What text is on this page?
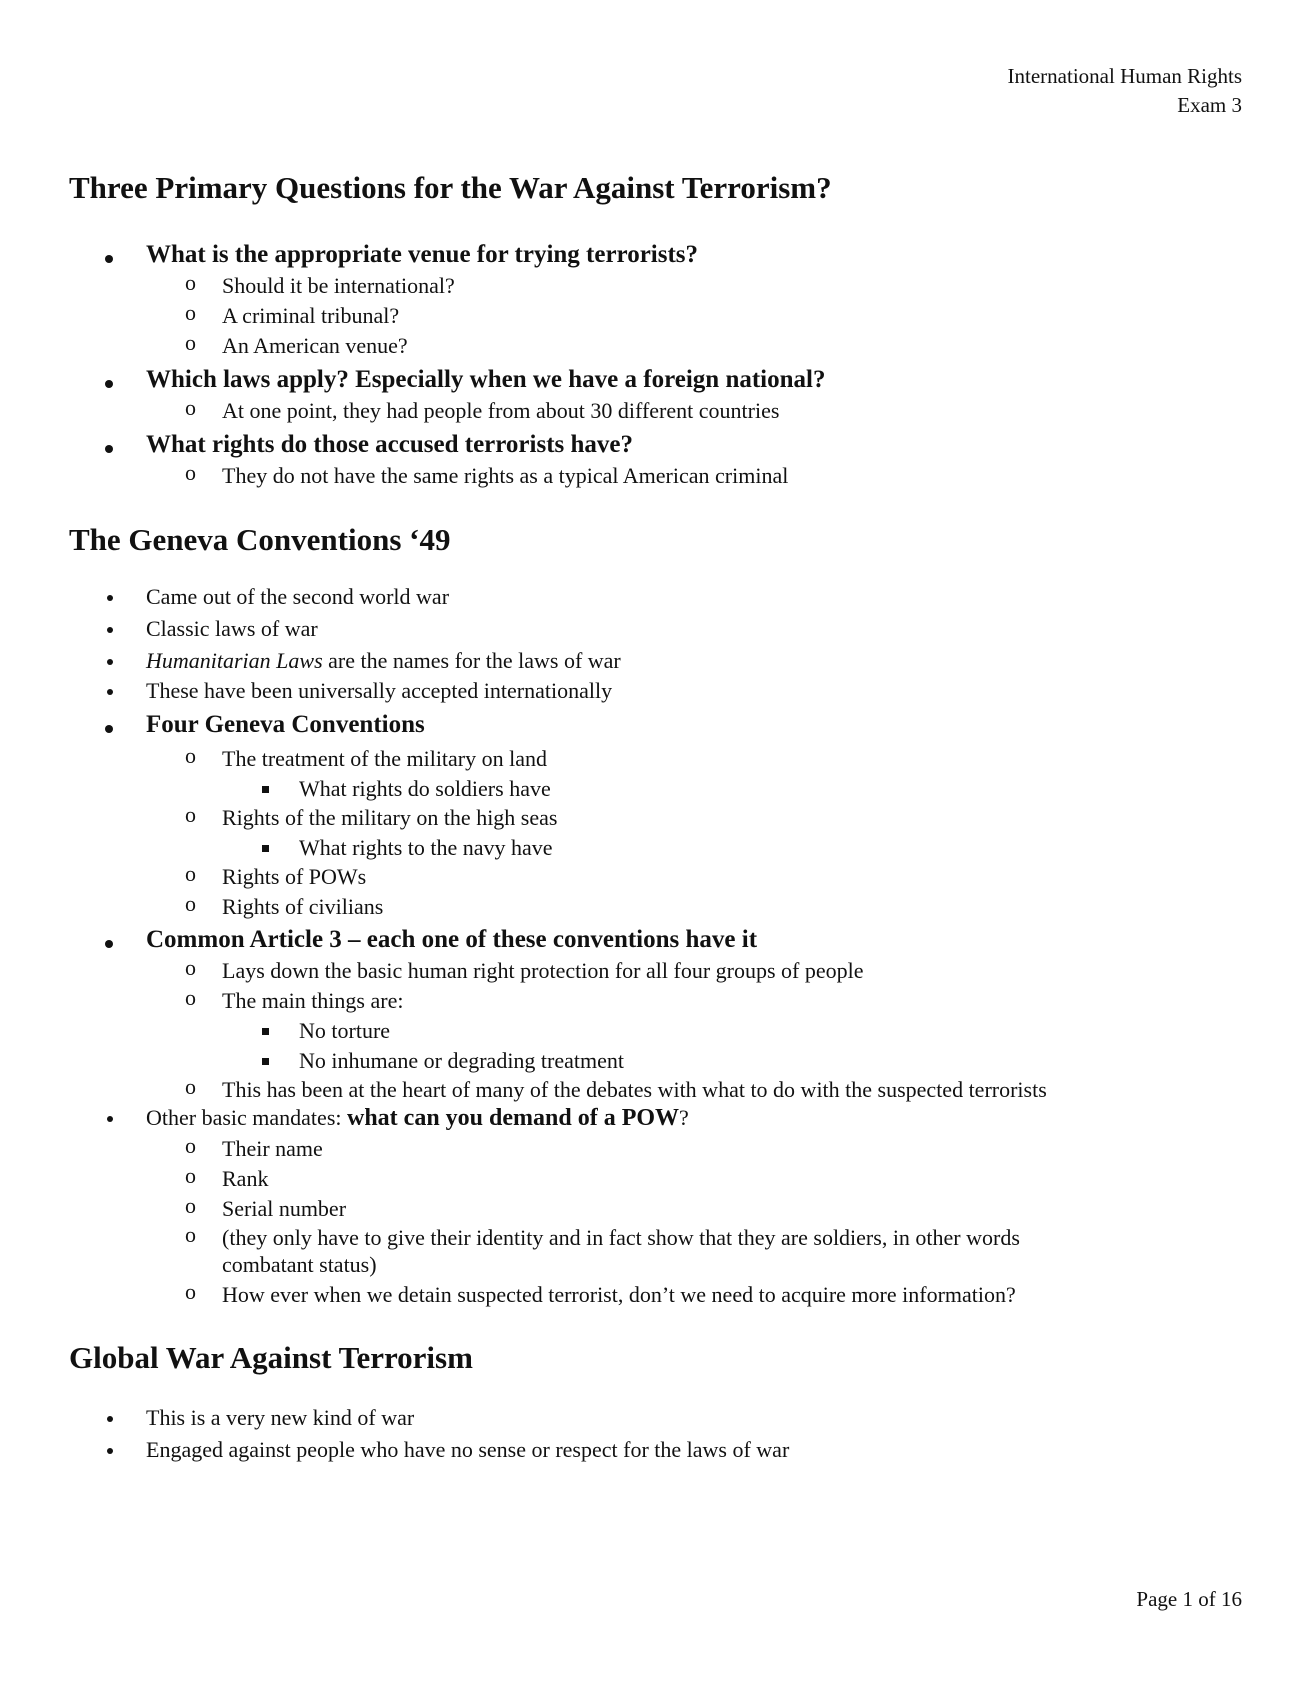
International Human Rights
Exam 3
Three Primary Questions for the War Against Terrorism?
What is the appropriate venue for trying terrorists?
o Should it be international?
o A criminal tribunal?
o An American venue?
Which laws apply? Especially when we have a foreign national?
o At one point, they had people from about 30 different countries
What rights do those accused terrorists have?
o They do not have the same rights as a typical American criminal
The Geneva Conventions ‘49
Came out of the second world war
Classic laws of war
Humanitarian Laws are the names for the laws of war
These have been universally accepted internationally
Four Geneva Conventions
o The treatment of the military on land
What rights do soldiers have
o Rights of the military on the high seas
What rights to the navy have
o Rights of POWs
o Rights of civilians
Common Article 3 – each one of these conventions have it
o Lays down the basic human right protection for all four groups of people
o The main things are:
No torture
No inhumane or degrading treatment
o This has been at the heart of many of the debates with what to do with the suspected terrorists
Other basic mandates: what can you demand of a POW?
o Their name
o Rank
o Serial number
o (they only have to give their identity and in fact show that they are soldiers, in other words
combatant status)
o How ever when we detain suspected terrorist, don’t we need to acquire more information?
Global War Against Terrorism
This is a very new kind of war
Engaged against people who have no sense or respect for the laws of war
Page 1 of 16
